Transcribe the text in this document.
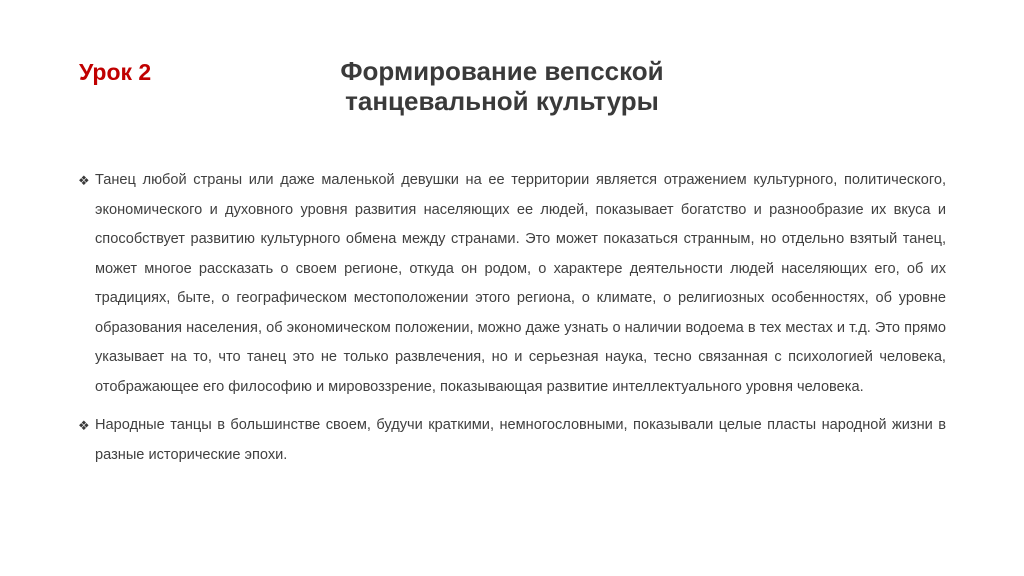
Урок 2	Формирование вепсской
танцевальной культуры
❖ Танец любой страны или даже маленькой девушки на ее территории является отражением культурного, политического, экономического и духовного уровня развития населяющих ее людей, показывает богатство и разнообразие их вкуса и способствует развитию культурного обмена между странами. Это может показаться странным, но отдельно взятый танец, может многое рассказать о своем регионе, откуда он родом, о характере деятельности людей населяющих его, об их традициях, быте, о географическом местоположении этого региона, о климате, о религиозных особенностях, об уровне образования населения, об экономическом положении, можно даже узнать о наличии водоема в тех местах и т.д. Это прямо указывает на то, что танец это не только развлечения, но и серьезная наука, тесно связанная с психологией человека, отображающее его философию и мировоззрение, показывающая развитие интеллектуального уровня человека.
❖ Народные танцы в большинстве своем, будучи краткими, немногословными, показывали целые пласты народной жизни в разные исторические эпохи.
